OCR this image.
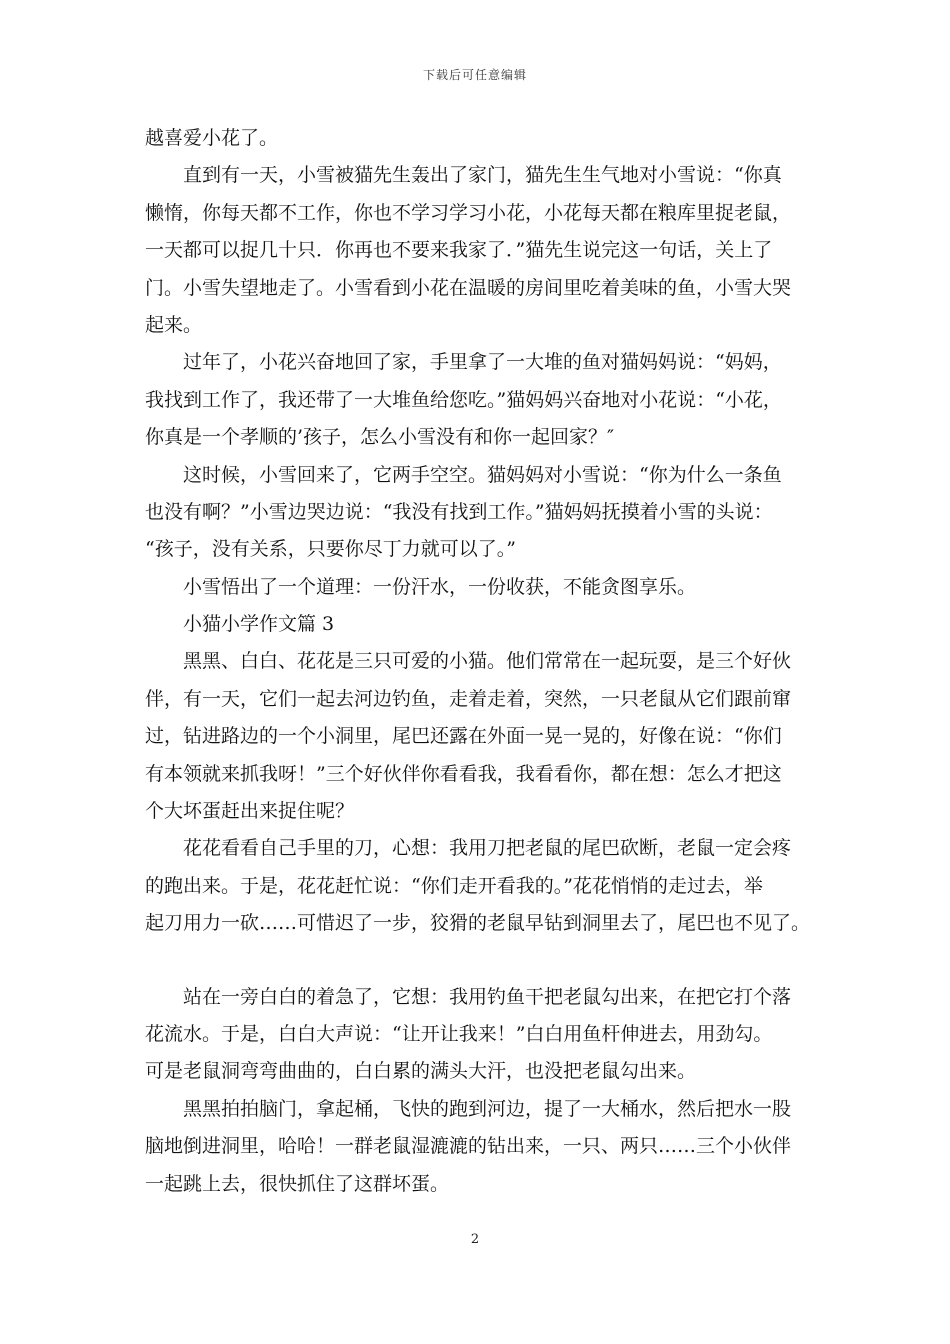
下载后可任意编辑
越喜爱小花了。
直到有一天，小雪被猫先生轰出了家门，猫先生生气地对小雪说：“你真
懒惰，你每天都不工作，你也不学习学习小花，小花每天都在粮库里捉老鼠，
一天都可以捉几十只．你再也不要来我家了．”猫先生说完这一句话，关上了
门。小雪失望地走了。小雪看到小花在温暖的房间里吃着美味的鱼，小雪大哭
起来。
过年了，小花兴奋地回了家，手里拿了一大堆的鱼对猫妈妈说：“妈妈，
我找到工作了，我还带了一大堆鱼给您吃。”猫妈妈兴奋地对小花说：“小花，
你真是一个孝顺的’孩子，怎么小雪没有和你一起回家？″
这时候，小雪回来了，它两手空空。猫妈妈对小雪说：“你为什么一条鱼
也没有啊？”小雪边哭边说：“我没有找到工作。”猫妈妈抚摸着小雪的头说：
“孩子，没有关系，只要你尽丁力就可以了。”
小雪悟出了一个道理：一份汗水，一份收获，不能贪图享乐。
小猫小学作文篇 3
黑黑、白白、花花是三只可爱的小猫。他们常常在一起玩耍，是三个好伙
伴，有一天，它们一起去河边钓鱼，走着走着，突然，一只老鼠从它们跟前窜
过，钻进路边的一个小洞里，尾巴还露在外面一晃一晃的，好像在说：“你们
有本领就来抓我呀！”三个好伙伴你看看我，我看看你，都在想：怎么才把这
个大坏蛋赶出来捉住呢？
花花看看自己手里的刀，心想：我用刀把老鼠的尾巴砍断，老鼠一定会疼
的跑出来。于是，花花赶忙说：“你们走开看我的。”花花悄悄的走过去，举
起刀用力一砍……可惜迟了一步，狡猾的老鼠早钻到洞里去了，尾巴也不见了。
站在一旁白白的着急了，它想：我用钓鱼干把老鼠勾出来，在把它打个落
花流水。于是，白白大声说：“让开让我来！”白白用鱼杆伸进去，用劲勾。
可是老鼠洞弯弯曲曲的，白白累的满头大汗，也没把老鼠勾出来。
黑黑拍拍脑门，拿起桶，飞快的跑到河边，提了一大桶水，然后把水一股
脑地倒进洞里，哈哈！一群老鼠湿漉漉的钻出来，一只、两只……三个小伙伴
一起跳上去，很快抓住了这群坏蛋。
2
